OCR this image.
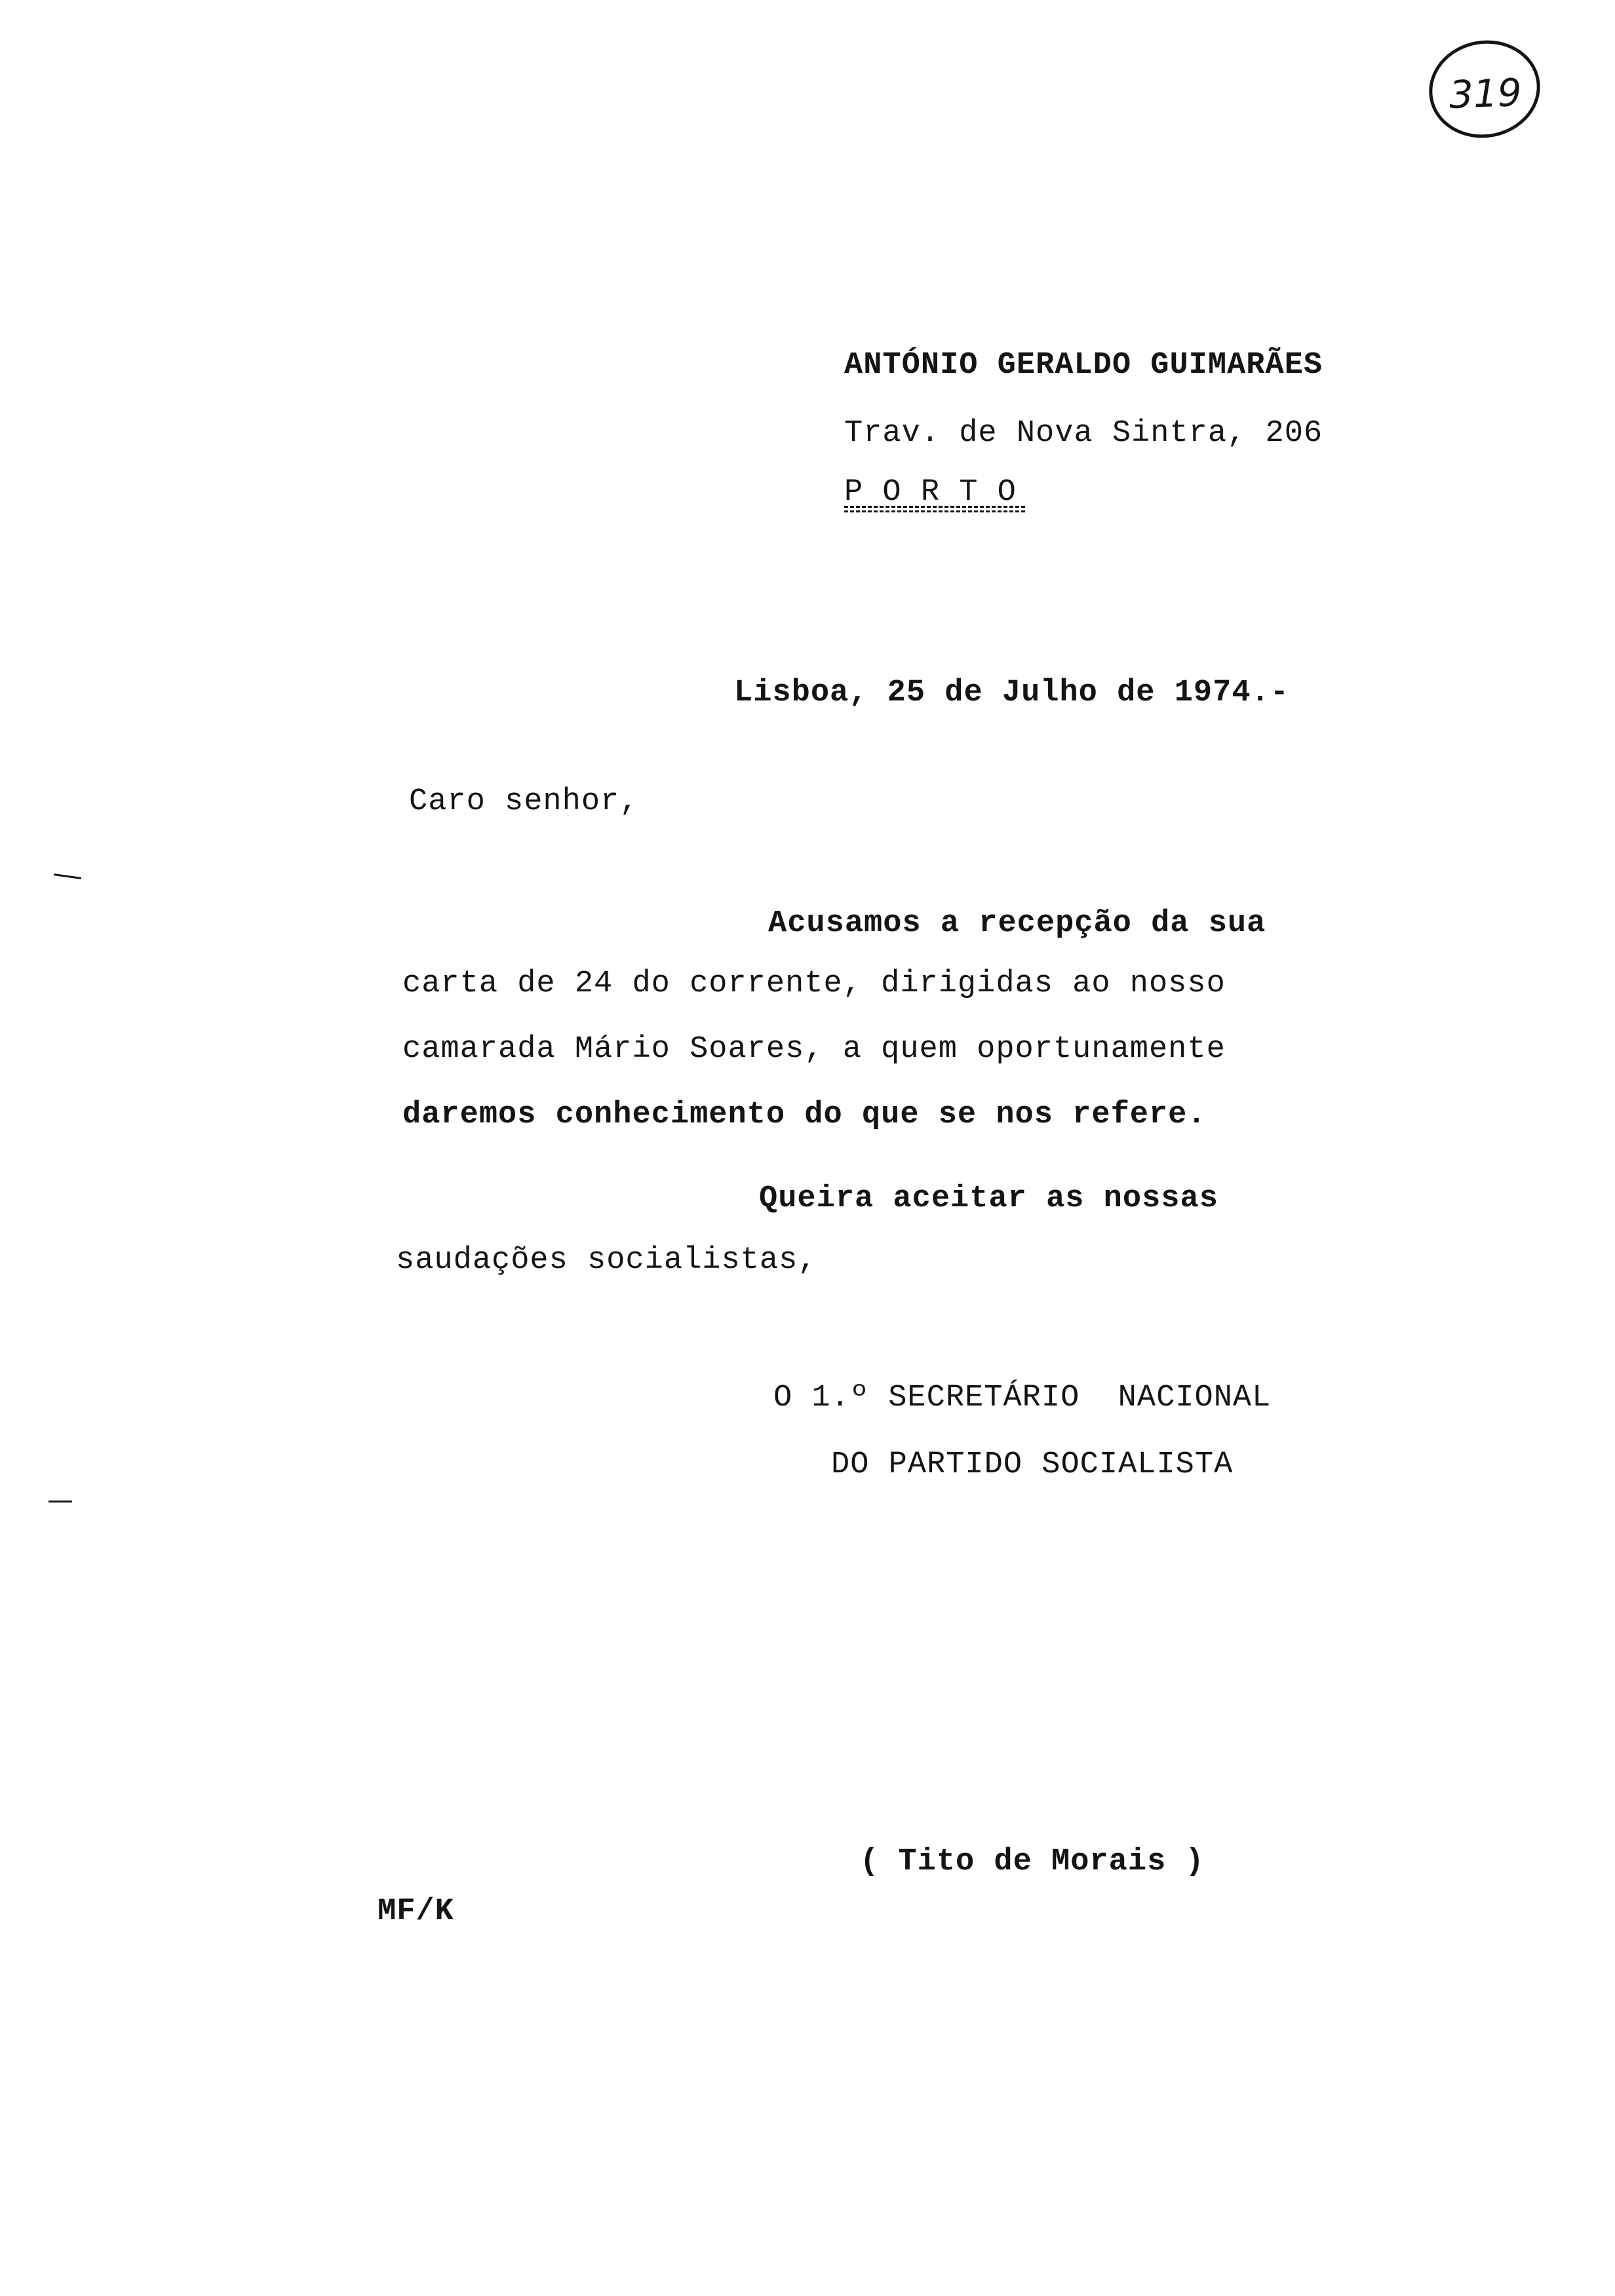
319
ANTÓNIO GERALDO GUIMARÃES
Trav. de Nova Sintra, 206
P O R T O
Lisboa, 25 de Julho de 1974.-
Caro senhor,
Acusamos a recepção da sua
carta de 24 do corrente, dirigidas ao nosso
camarada Mário Soares, a quem oportunamente
daremos conhecimento do que se nos refere.
Queira aceitar as nossas
saudações socialistas,
O 1.º SECRETÁRIO  NACIONAL
DO PARTIDO SOCIALISTA
( Tito de Morais )
MF/K
